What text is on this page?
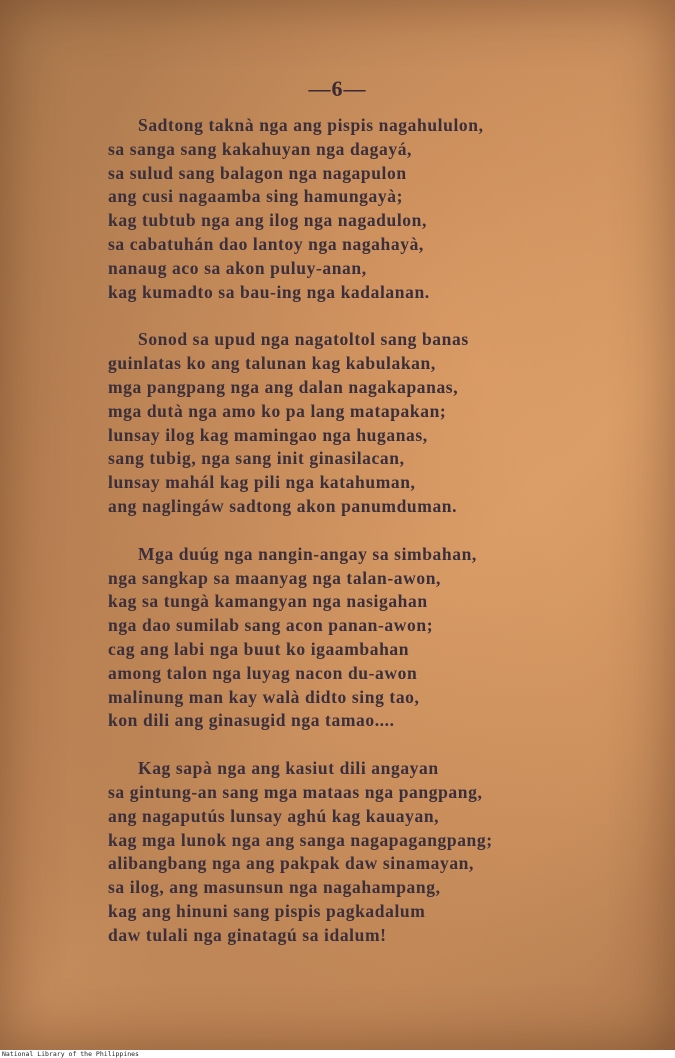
—6—
Sadtong taknà nga ang pispis nagahululon,
sa sanga sang kakahuyan nga dagayá,
sa sulud sang balagon nga nagapulon
ang cusi nagaamba sing hamungayà;
kag tubtub nga ang ilog nga nagadulon,
sa cabatuhán dao lantoy nga nagahayà,
nanaug aco sa akon puluy-anan,
kag kumadto sa bau-ing nga kadalanan.
Sonod sa upud nga nagatoltol sang banas
guinlatas ko ang talunan kag kabulakan,
mga pangpang nga ang dalan nagakapanas,
mga dutà nga amo ko pa lang matapakan;
lunsay ilog kag mamingao nga huganas,
sang tubig, nga sang init ginasilacan,
lunsay mahál kag pili nga katahuman,
ang naglingáw sadtong akon panumduman.
Mga duúg nga nangin-angay sa simbahan,
nga sangkap sa maanyag nga talan-awon,
kag sa tungà kamangyan nga nasigahan
nga dao sumilab sang acon panan-awon;
cag ang labi nga buut ko igaambahan
among talon nga luyag nacon du-awon
malinung man kay walà didto sing tao,
kon dili ang ginasugid nga tamao....
Kag sapà nga ang kasiut dili angayan
sa gintung-an sang mga mataas nga pangpang,
ang nagaputús lunsay aghú kag kauayan,
kag mga lunok nga ang sanga nagapagangpang;
alibangbang nga ang pakpak daw sinamayan,
sa ilog, ang masunsun nga nagahampang,
kag ang hinuni sang pispis pagkadalum
daw tulali nga ginatagú sa idalum!
National Library of the Philippines
